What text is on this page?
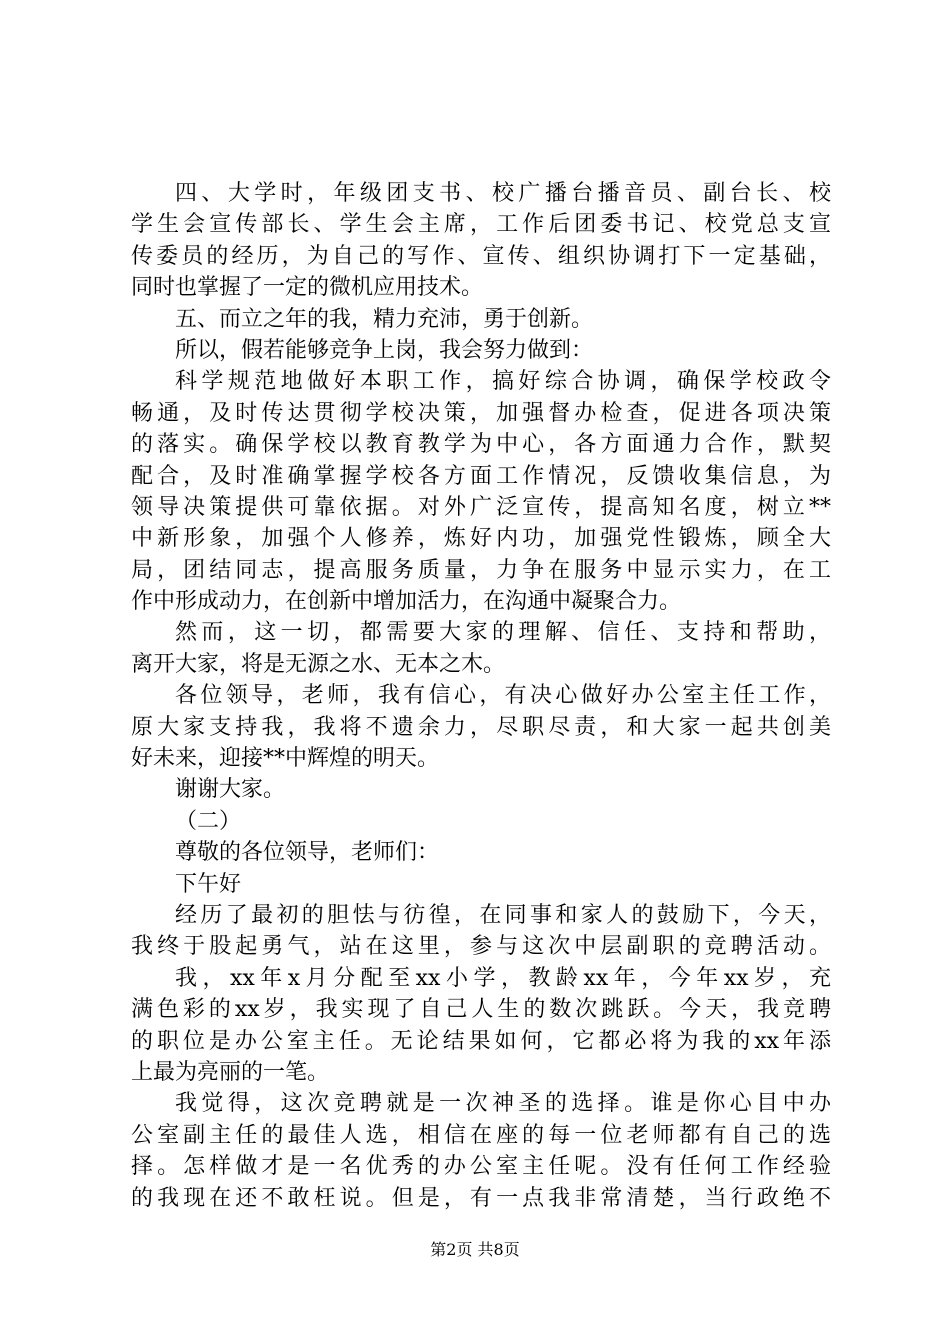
四、大学时，年级团支书、校广播台播音员、副台长、校
学生会宣传部长、学生会主席，工作后团委书记、校党总支宣
传委员的经历，为自己的写作、宣传、组织协调打下一定基础，
同时也掌握了一定的微机应用技术。
五、而立之年的我，精力充沛，勇于创新。
所以，假若能够竞争上岗，我会努力做到：
科学规范地做好本职工作，搞好综合协调，确保学校政令
畅通，及时传达贯彻学校决策，加强督办检查，促进各项决策
的落实。确保学校以教育教学为中心，各方面通力合作，默契
配合，及时准确掌握学校各方面工作情况，反馈收集信息，为
领导决策提供可靠依据。对外广泛宣传，提高知名度，树立**
中新形象，加强个人修养，炼好内功，加强党性锻炼，顾全大
局，团结同志，提高服务质量，力争在服务中显示实力，在工
作中形成动力，在创新中增加活力，在沟通中凝聚合力。
然而，这一切，都需要大家的理解、信任、支持和帮助，
离开大家，将是无源之水、无本之木。
各位领导，老师，我有信心，有决心做好办公室主任工作，
原大家支持我，我将不遗余力，尽职尽责，和大家一起共创美
好未来，迎接**中辉煌的明天。
谢谢大家。
（二）
尊敬的各位领导，老师们：
下午好
经历了最初的胆怯与彷徨，在同事和家人的鼓励下，今天，
我终于股起勇气，站在这里，参与这次中层副职的竞聘活动。
我，xx年x月分配至xx小学，教龄xx年，今年xx岁，充
满色彩的xx岁，我实现了自己人生的数次跳跃。今天，我竞聘
的职位是办公室主任。无论结果如何，它都必将为我的xx年添
上最为亮丽的一笔。
我觉得，这次竞聘就是一次神圣的选择。谁是你心目中办
公室副主任的最佳人选，相信在座的每一位老师都有自己的选
择。怎样做才是一名优秀的办公室主任呢。没有任何工作经验
的我现在还不敢枉说。但是，有一点我非常清楚，当行政绝不
第2页 共8页
